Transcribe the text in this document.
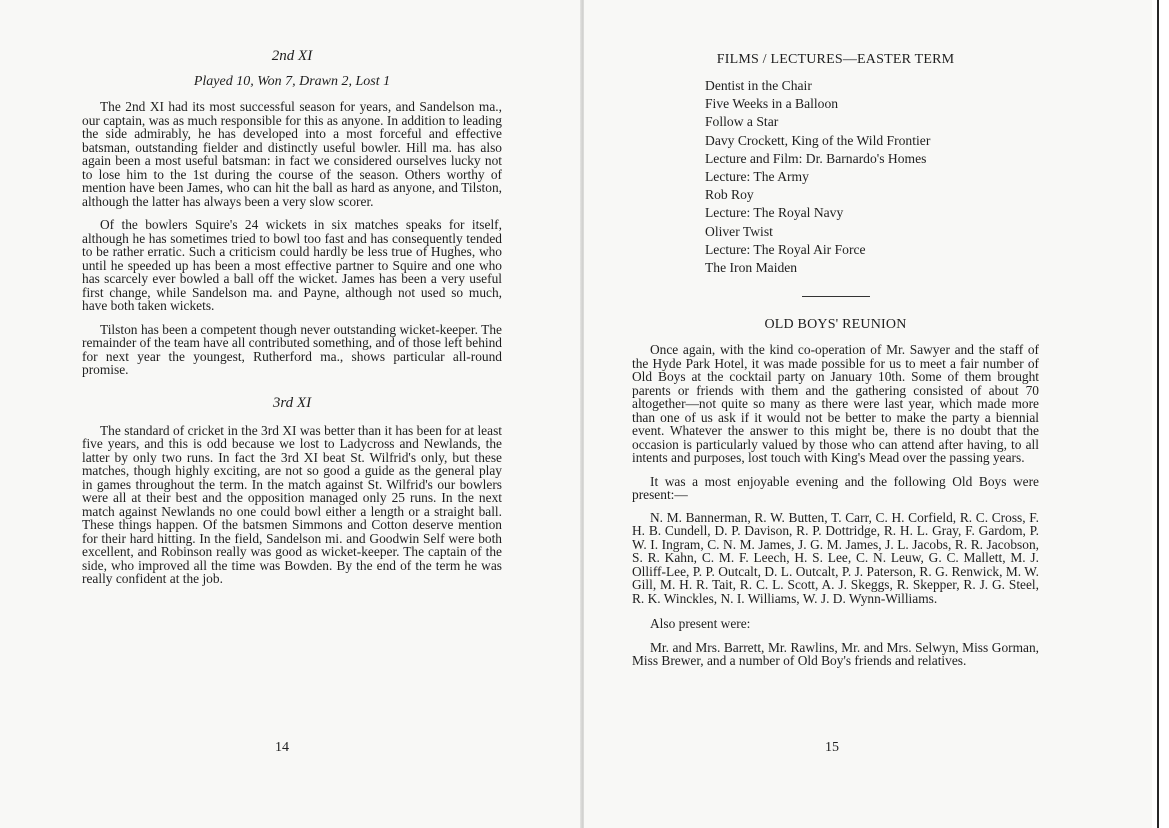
2nd XI

Played 10, Won 7, Drawn 2, Lost 1

The 2nd XI had its most successful season for years, and Sandelson ma., our captain, was as much responsible for this as anyone. In addition to leading the side admirably, he has developed into a most forceful and effective batsman, outstanding fielder and distinctly useful bowler. Hill ma. has also again been a most useful batsman: in fact we considered ourselves lucky not to lose him to the 1st during the course of the season. Others worthy of mention have been James, who can hit the ball as hard as anyone, and Tilston, although the latter has always been a very slow scorer.

Of the bowlers Squire's 24 wickets in six matches speaks for itself, although he has sometimes tried to bowl too fast and has consequently tended to be rather erratic. Such a criticism could hardly be less true of Hughes, who until he speeded up has been a most effective partner to Squire and one who has scarcely ever bowled a ball off the wicket. James has been a very useful first change, while Sandelson ma. and Payne, although not used so much, have both taken wickets.

Tilston has been a competent though never outstanding wicket-keeper. The remainder of the team have all contributed something, and of those left behind for next year the youngest, Rutherford ma., shows particular all-round promise.

3rd XI

The standard of cricket in the 3rd XI was better than it has been for at least five years, and this is odd because we lost to Ladycross and Newlands, the latter by only two runs. In fact the 3rd XI beat St. Wilfrid's only, but these matches, though highly exciting, are not so good a guide as the general play in games throughout the term. In the match against St. Wilfrid's our bowlers were all at their best and the opposition managed only 25 runs. In the next match against Newlands no one could bowl either a length or a straight ball. These things happen. Of the batsmen Simmons and Cotton deserve mention for their hard hitting. In the field, Sandelson mi. and Goodwin Self were both excellent, and Robinson really was good as wicket-keeper. The captain of the side, who improved all the time was Bowden. By the end of the term he was really confident at the job.

14

FILMS / LECTURES—EASTER TERM

Dentist in the Chair
Five Weeks in a Balloon
Follow a Star
Davy Crockett, King of the Wild Frontier
Lecture and Film: Dr. Barnardo's Homes
Lecture: The Army
Rob Roy
Lecture: The Royal Navy
Oliver Twist
Lecture: The Royal Air Force
The Iron Maiden

OLD BOYS' REUNION

Once again, with the kind co-operation of Mr. Sawyer and the staff of the Hyde Park Hotel, it was made possible for us to meet a fair number of Old Boys at the cocktail party on January 10th. Some of them brought parents or friends with them and the gathering consisted of about 70 altogether—not quite so many as there were last year, which made more than one of us ask if it would not be better to make the party a biennial event. Whatever the answer to this might be, there is no doubt that the occasion is particularly valued by those who can attend after having, to all intents and purposes, lost touch with King's Mead over the passing years.

It was a most enjoyable evening and the following Old Boys were present:—

N. M. Bannerman, R. W. Butten, T. Carr, C. H. Corfield, R. C. Cross, F. H. B. Cundell, D. P. Davison, R. P. Dottridge, R. H. L. Gray, F. Gardom, P. W. I. Ingram, C. N. M. James, J. G. M. James, J. L. Jacobs, R. R. Jacobson, S. R. Kahn, C. M. F. Leech, H. S. Lee, C. N. Leuw, G. C. Mallett, M. J. Olliff-Lee, P. P. Outcalt, D. L. Outcalt, P. J. Paterson, R. G. Renwick, M. W. Gill, M. H. R. Tait, R. C. L. Scott, A. J. Skeggs, R. Skepper, R. J. G. Steel, R. K. Winckles, N. I. Williams, W. J. D. Wynn-Williams.

Also present were:

Mr. and Mrs. Barrett, Mr. Rawlins, Mr. and Mrs. Selwyn, Miss Gorman, Miss Brewer, and a number of Old Boy's friends and relatives.

15
